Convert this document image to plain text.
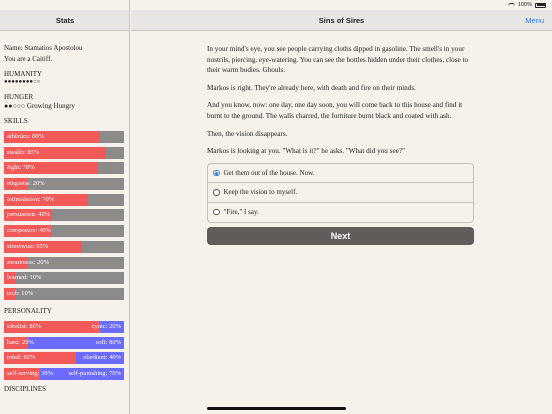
100%
Stats
Name: Stamatios Apostolou
You are a Caitiff.
HUMANITY
●●●●●●●●○○
HUNGER
●●○○○ Growing Hungry
SKILLS
athletics: 80%
stealth: 85%
fight: 78%
etiquette: 20%
intimidation: 70%
persuasion: 40%
composure: 40%
streetwise: 65%
awareness: 20%
learned: 10%
tech: 10%
PERSONALITY
idealist: 80%	cynic: 20%
hard: 20%	soft: 80%
rebel: 60%	obedient: 40%
self-serving: 30% self-punishing: 70%
DISCIPLINES
Sins of Sires	Menu

In your mind's eye, you see people carrying cloths dipped in gasoline. The smell's in your nostrils, piercing, eye-watering. You can see the bottles hidden under their clothes, close to their warm bodies. Ghouls.

Markos is right. They're already here, with death and fire on their minds.

And you know, now: one day, one day soon, you will come back to this house and find it burnt to the ground. The walls charred, the furniture burnt black and coated with ash.

Then, the vision disappears.

Markos is looking at you. "What is it?" he asks. "What did you see?"

Get them out of the house. Now.
Keep the vision to myself.
"Fire," I say.
Next
